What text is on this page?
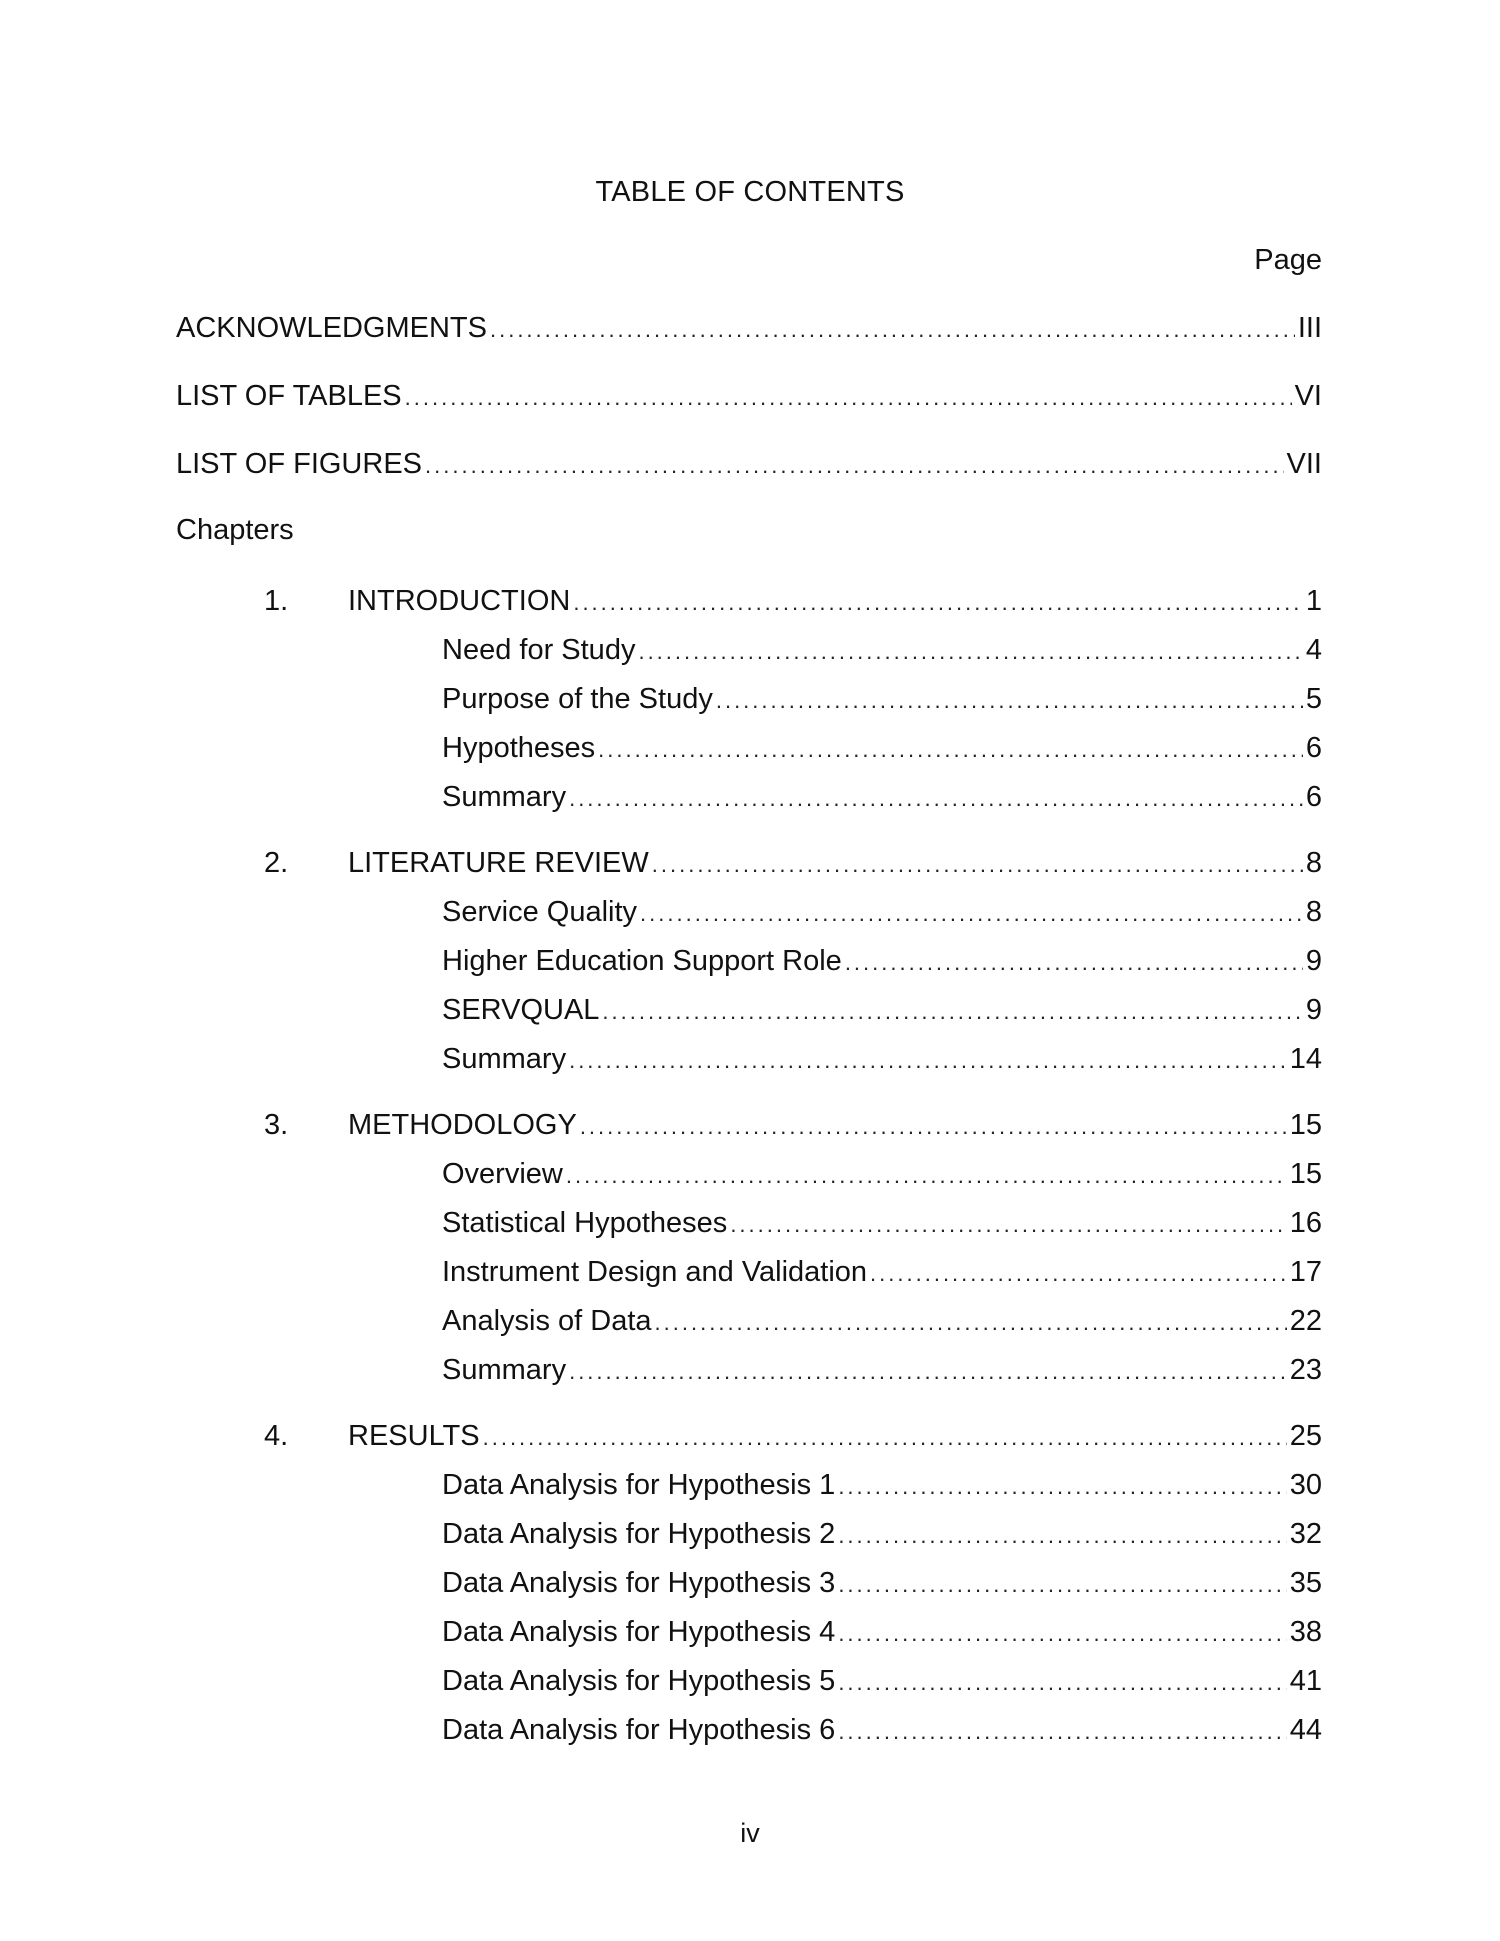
TABLE OF CONTENTS
Page
ACKNOWLEDGMENTS .....	III
LIST OF TABLES .....	VI
LIST OF FIGURES .....	VII
Chapters
1. INTRODUCTION .....	1
Need for Study .....	4
Purpose of the Study .....	5
Hypotheses .....	6
Summary .....	6
2. LITERATURE REVIEW .....	8
Service Quality .....	8
Higher Education Support Role .....	9
SERVQUAL .....	9
Summary .....	14
3. METHODOLOGY .....	15
Overview .....	15
Statistical Hypotheses .....	16
Instrument Design and Validation .....	17
Analysis of Data .....	22
Summary .....	23
4. RESULTS .....	25
Data Analysis for Hypothesis 1 .....	30
Data Analysis for Hypothesis 2 .....	32
Data Analysis for Hypothesis 3 .....	35
Data Analysis for Hypothesis 4 .....	38
Data Analysis for Hypothesis 5 .....	41
Data Analysis for Hypothesis 6 .....	44
iv
